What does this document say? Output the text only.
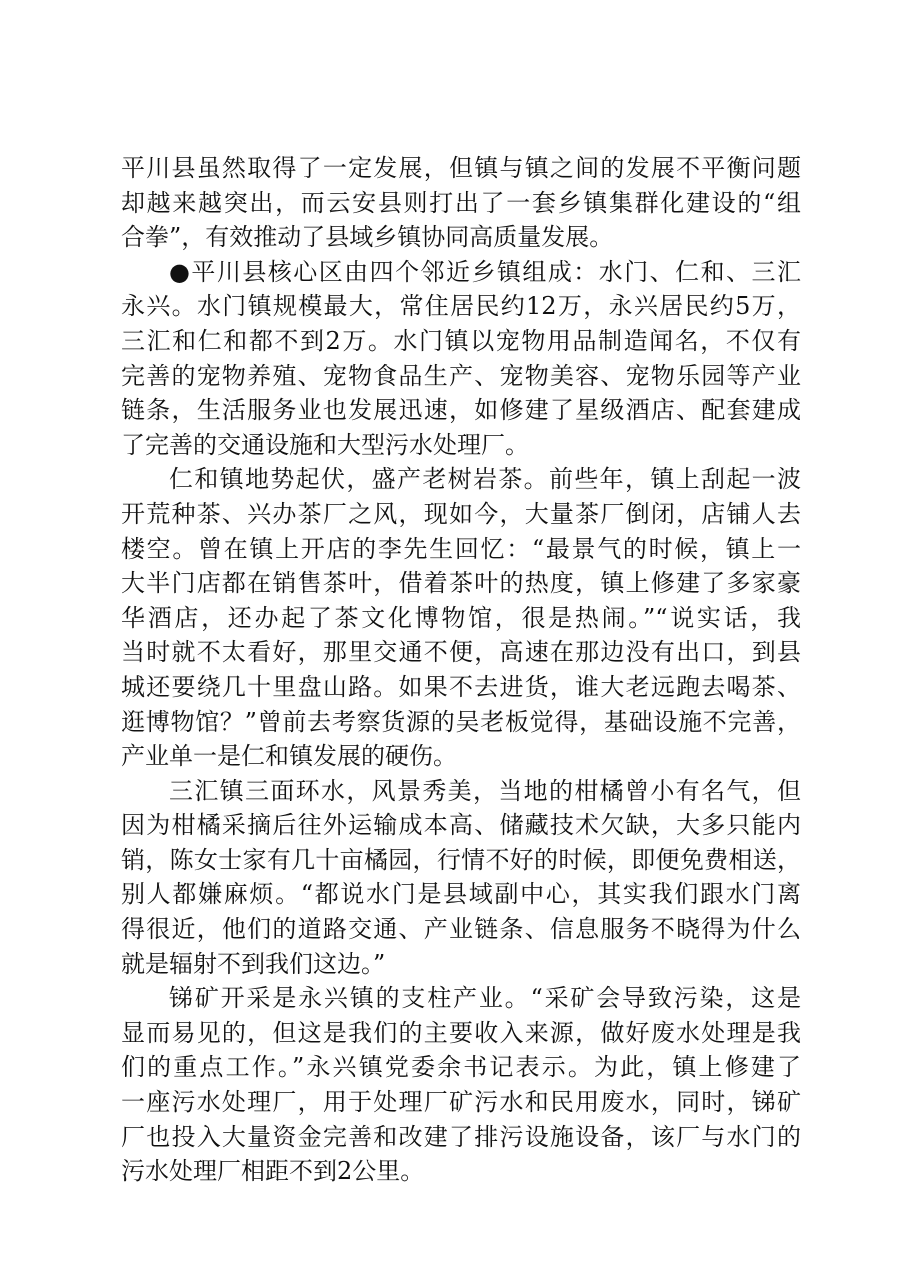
平川县虽然取得了一定发展，但镇与镇之间的发展不平衡问题
却越来越突出，而云安县则打出了一套乡镇集群化建设的“组
合拳”，有效推动了县域乡镇协同高质量发展。
●平川县核心区由四个邻近乡镇组成：水门、仁和、三汇
永兴。水门镇规模最大，常住居民约12万，永兴居民约5万，
三汇和仁和都不到2万。水门镇以宠物用品制造闻名，不仅有
完善的宠物养殖、宠物食品生产、宠物美容、宠物乐园等产业
链条，生活服务业也发展迅速，如修建了星级酒店、配套建成
了完善的交通设施和大型污水处理厂。
仁和镇地势起伏，盛产老树岩茶。前些年，镇上刮起一波
开荒种茶、兴办茶厂之风，现如今，大量茶厂倒闭，店铺人去
楼空。曾在镇上开店的李先生回忆：“最景气的时候，镇上一
大半门店都在销售茶叶，借着茶叶的热度，镇上修建了多家豪
华酒店，还办起了茶文化博物馆，很是热闹。”“说实话，我
当时就不太看好，那里交通不便，高速在那边没有出口，到县
城还要绕几十里盘山路。如果不去进货，谁大老远跑去喝茶、
逛博物馆？”曾前去考察货源的吴老板觉得，基础设施不完善，
产业单一是仁和镇发展的硬伤。
三汇镇三面环水，风景秀美，当地的柑橘曾小有名气，但
因为柑橘采摘后往外运输成本高、储藏技术欠缺，大多只能内
销，陈女士家有几十亩橘园，行情不好的时候，即便免费相送，
别人都嫌麻烦。“都说水门是县域副中心，其实我们跟水门离
得很近，他们的道路交通、产业链条、信息服务不晓得为什么
就是辐射不到我们这边。”
锑矿开采是永兴镇的支柱产业。“采矿会导致污染，这是
显而易见的，但这是我们的主要收入来源，做好废水处理是我
们的重点工作。”永兴镇党委余书记表示。为此，镇上修建了
一座污水处理厂，用于处理厂矿污水和民用废水，同时，锑矿
厂也投入大量资金完善和改建了排污设施设备，该厂与水门的
污水处理厂相距不到2公里。
